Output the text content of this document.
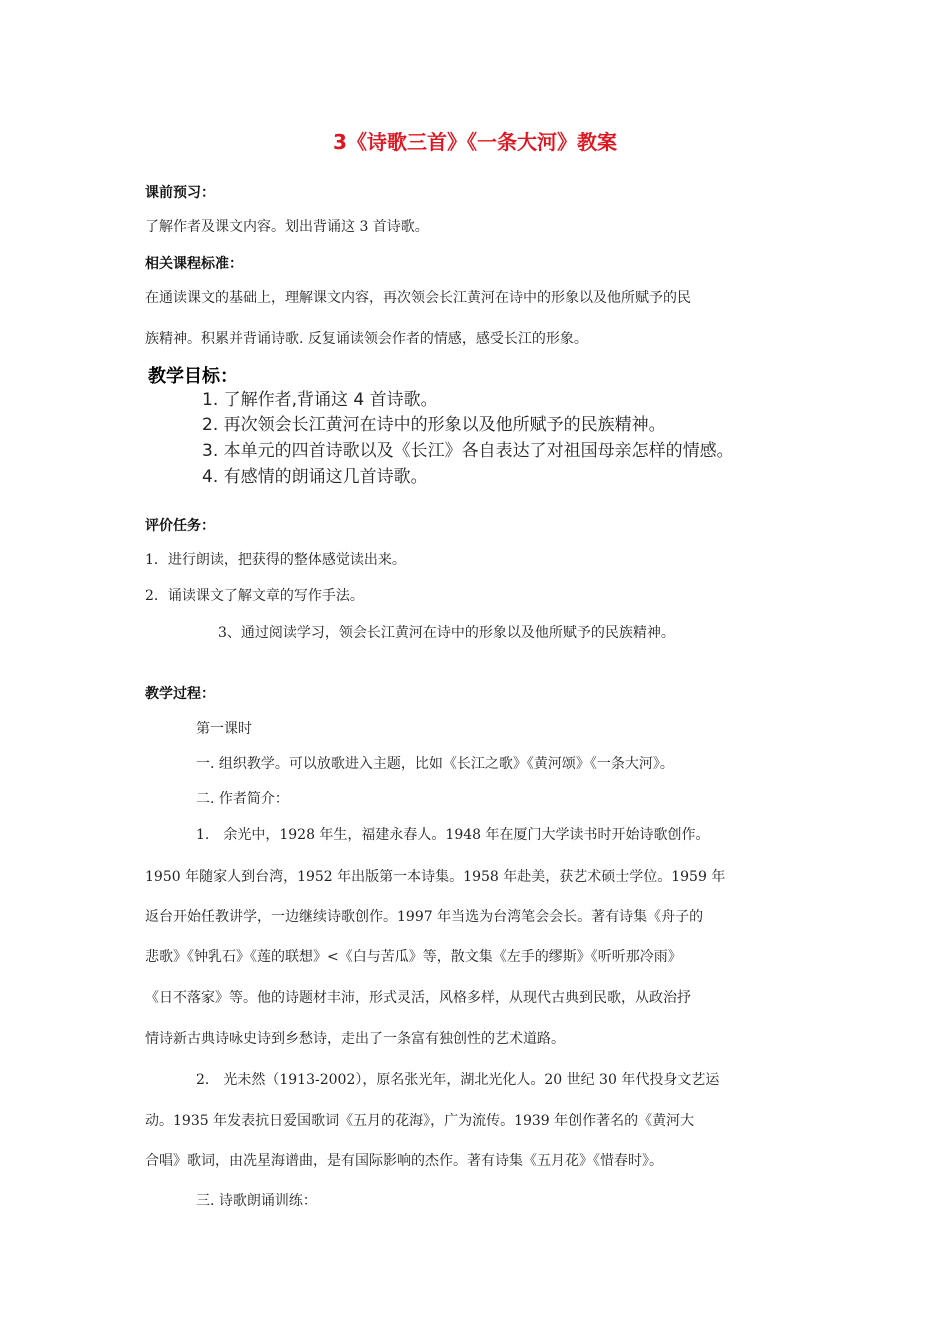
3《诗歌三首》《一条大河》教案
课前预习：
了解作者及课文内容。划出背诵这 3 首诗歌。
相关课程标准：
在通读课文的基础上，理解课文内容，再次领会长江黄河在诗中的形象以及他所赋予的民
族精神。积累并背诵诗歌. 反复诵读领会作者的情感，感受长江的形象。
教学目标：
1. 了解作者,背诵这 4 首诗歌。
2. 再次领会长江黄河在诗中的形象以及他所赋予的民族精神。
3. 本单元的四首诗歌以及《长江》各自表达了对祖国母亲怎样的情感。
4. 有感情的朗诵这几首诗歌。
评价任务：
1．进行朗读，把获得的整体感觉读出来。
2．诵读课文了解文章的写作手法。
3、通过阅读学习，领会长江黄河在诗中的形象以及他所赋予的民族精神。
教学过程：
第一课时
一. 组织教学。可以放歌进入主题，比如《长江之歌》《黄河颂》《一条大河》。
二. 作者简介：
1.　余光中，1928 年生，福建永春人。1948 年在厦门大学读书时开始诗歌创作。
1950 年随家人到台湾，1952 年出版第一本诗集。1958 年赴美，获艺术硕士学位。1959 年
返台开始任教讲学，一边继续诗歌创作。1997 年当选为台湾笔会会长。著有诗集《舟子的
悲歌》《钟乳石》《莲的联想》<《白与苦瓜》等，散文集《左手的缪斯》《听听那冷雨》
《日不落家》等。他的诗题材丰沛，形式灵活，风格多样，从现代古典到民歌，从政治抒
情诗新古典诗咏史诗到乡愁诗，走出了一条富有独创性的艺术道路。
2.　光未然（1913-2002），原名张光年，湖北光化人。20 世纪 30 年代投身文艺运
动。1935 年发表抗日爱国歌词《五月的花海》，广为流传。1939 年创作著名的《黄河大
合唱》歌词，由冼星海谱曲，是有国际影响的杰作。著有诗集《五月花》《惜春时》。
三. 诗歌朗诵训练：
